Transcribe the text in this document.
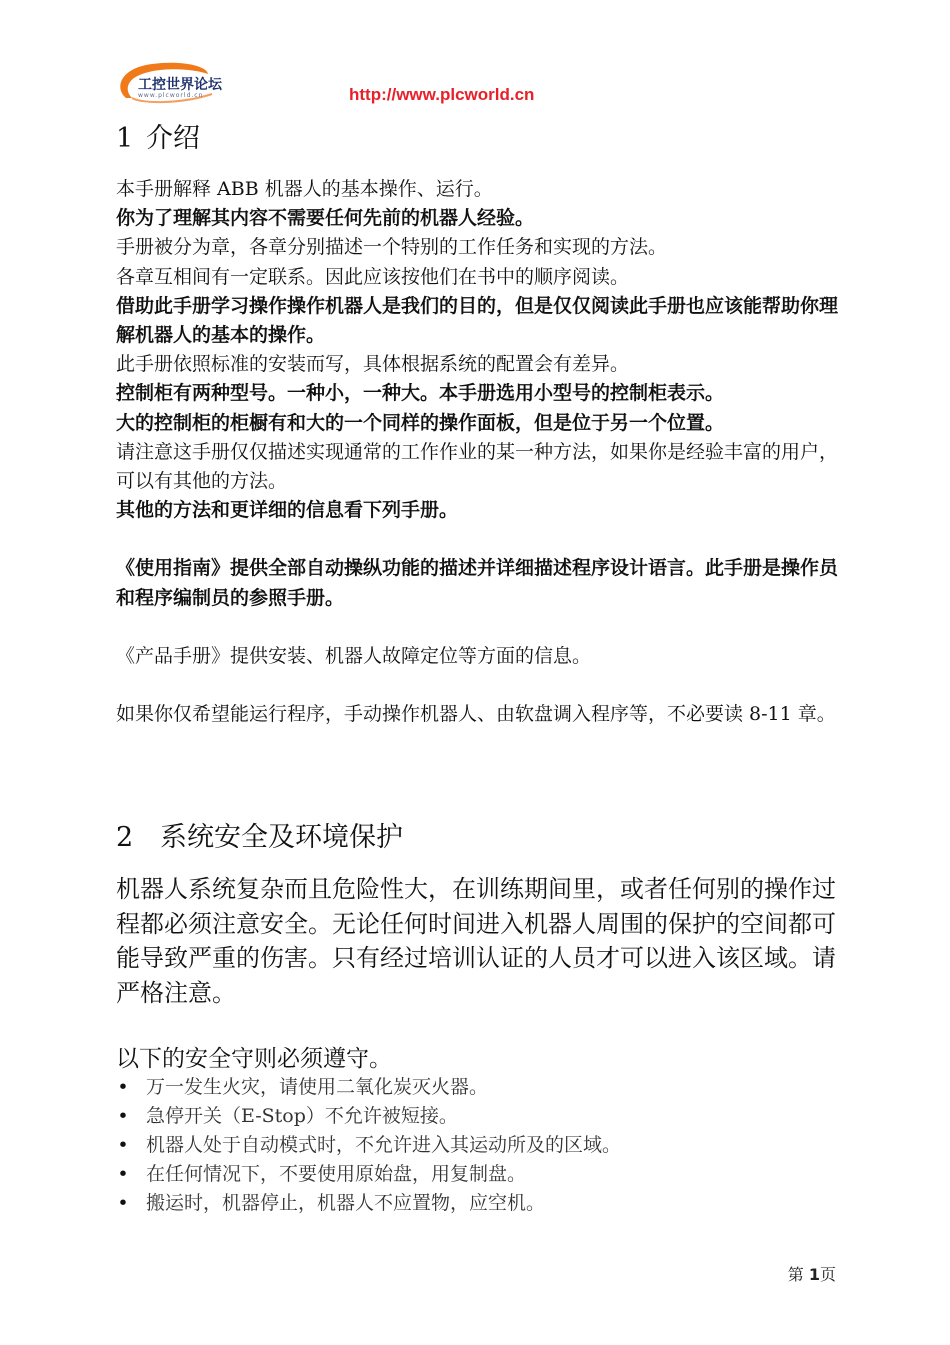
工控世界论坛
www.plcworld.cn	http://www.plcworld.cn
1 介绍

本手册解释 ABB 机器人的基本操作、运行。

你为了理解其内容不需要任何先前的机器人经验。

手册被分为章，各章分别描述一个特别的工作任务和实现的方法。

各章互相间有一定联系。因此应该按他们在书中的顺序阅读。

借助此手册学习操作操作机器人是我们的目的，但是仅仅阅读此手册也应该能帮助你理解机器人的基本的操作。

此手册依照标准的安装而写，具体根据系统的配置会有差异。

控制柜有两种型号。一种小，一种大。本手册选用小型号的控制柜表示。

大的控制柜的柜橱有和大的一个同样的操作面板，但是位于另一个位置。

请注意这手册仅仅描述实现通常的工作作业的某一种方法，如果你是经验丰富的用户，可以有其他的方法。

其他的方法和更详细的信息看下列手册。

《使用指南》提供全部自动操纵功能的描述并详细描述程序设计语言。此手册是操作员和程序编制员的参照手册。

《产品手册》提供安装、机器人故障定位等方面的信息。

如果你仅希望能运行程序，手动操作机器人、由软盘调入程序等，不必要读 8-11 章。

2 系统安全及环境保护

机器人系统复杂而且危险性大，在训练期间里，或者任何别的操作过程都必须注意安全。无论任何时间进入机器人周围的保护的空间都可能导致严重的伤害。只有经过培训认证的人员才可以进入该区域。请严格注意。

以下的安全守则必须遵守。

• 万一发生火灾，请使用二氧化炭灭火器。
• 急停开关（E-Stop）不允许被短接。
• 机器人处于自动模式时，不允许进入其运动所及的区域。
• 在任何情况下，不要使用原始盘，用复制盘。
• 搬运时，机器停止，机器人不应置物，应空机。
第 1页
